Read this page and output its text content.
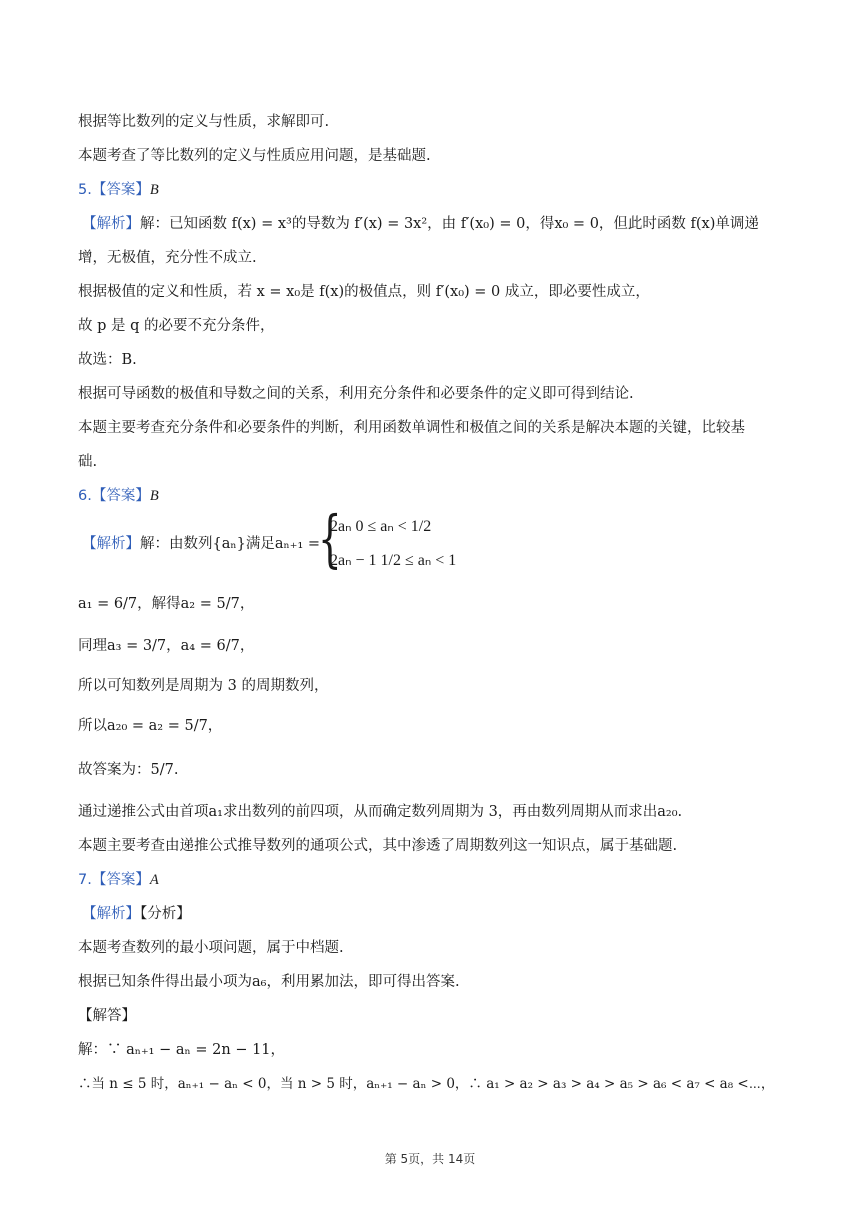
根据等比数列的定义与性质，求解即可.
本题考查了等比数列的定义与性质应用问题，是基础题.
5.【答案】B
【解析】解：已知函数 f(x) = x³的导数为 f′(x) = 3x²，由 f′(x₀) = 0，得x₀ = 0，但此时函数 f(x)单调递
增，无极值，充分性不成立.
根据极值的定义和性质，若 x = x₀是 f(x)的极值点，则 f′(x₀) = 0 成立，即必要性成立，
故 p 是 q 的必要不充分条件，
故选：B.
根据可导函数的极值和导数之间的关系，利用充分条件和必要条件的定义即可得到结论.
本题主要考查充分条件和必要条件的判断，利用函数单调性和极值之间的关系是解决本题的关键，比较基
础.
6.【答案】B
【解析】解：由数列{aₙ}满足aₙ₊₁ =
{
2aₙ 0 ≤ aₙ < 1/2
2aₙ − 1 1/2 ≤ aₙ < 1
a₁ = 6/7，解得a₂ = 5/7，
同理a₃ = 3/7，a₄ = 6/7，
所以可知数列是周期为 3 的周期数列，
所以a₂₀ = a₂ = 5/7，
故答案为：5/7.
通过递推公式由首项a₁求出数列的前四项，从而确定数列周期为 3，再由数列周期从而求出a₂₀.
本题主要考查由递推公式推导数列的通项公式，其中渗透了周期数列这一知识点，属于基础题.
7.【答案】A
【解析】【分析】
本题考查数列的最小项问题，属于中档题.
根据已知条件得出最小项为a₆，利用累加法，即可得出答案.
【解答】
解：∵ aₙ₊₁ − aₙ = 2n − 11，
∴当 n ≤ 5 时，aₙ₊₁ − aₙ < 0，当 n > 5 时，aₙ₊₁ − aₙ > 0，∴ a₁ > a₂ > a₃ > a₄ > a₅ > a₆ < a₇ < a₈ <⋯，
第 5页，共 14页
